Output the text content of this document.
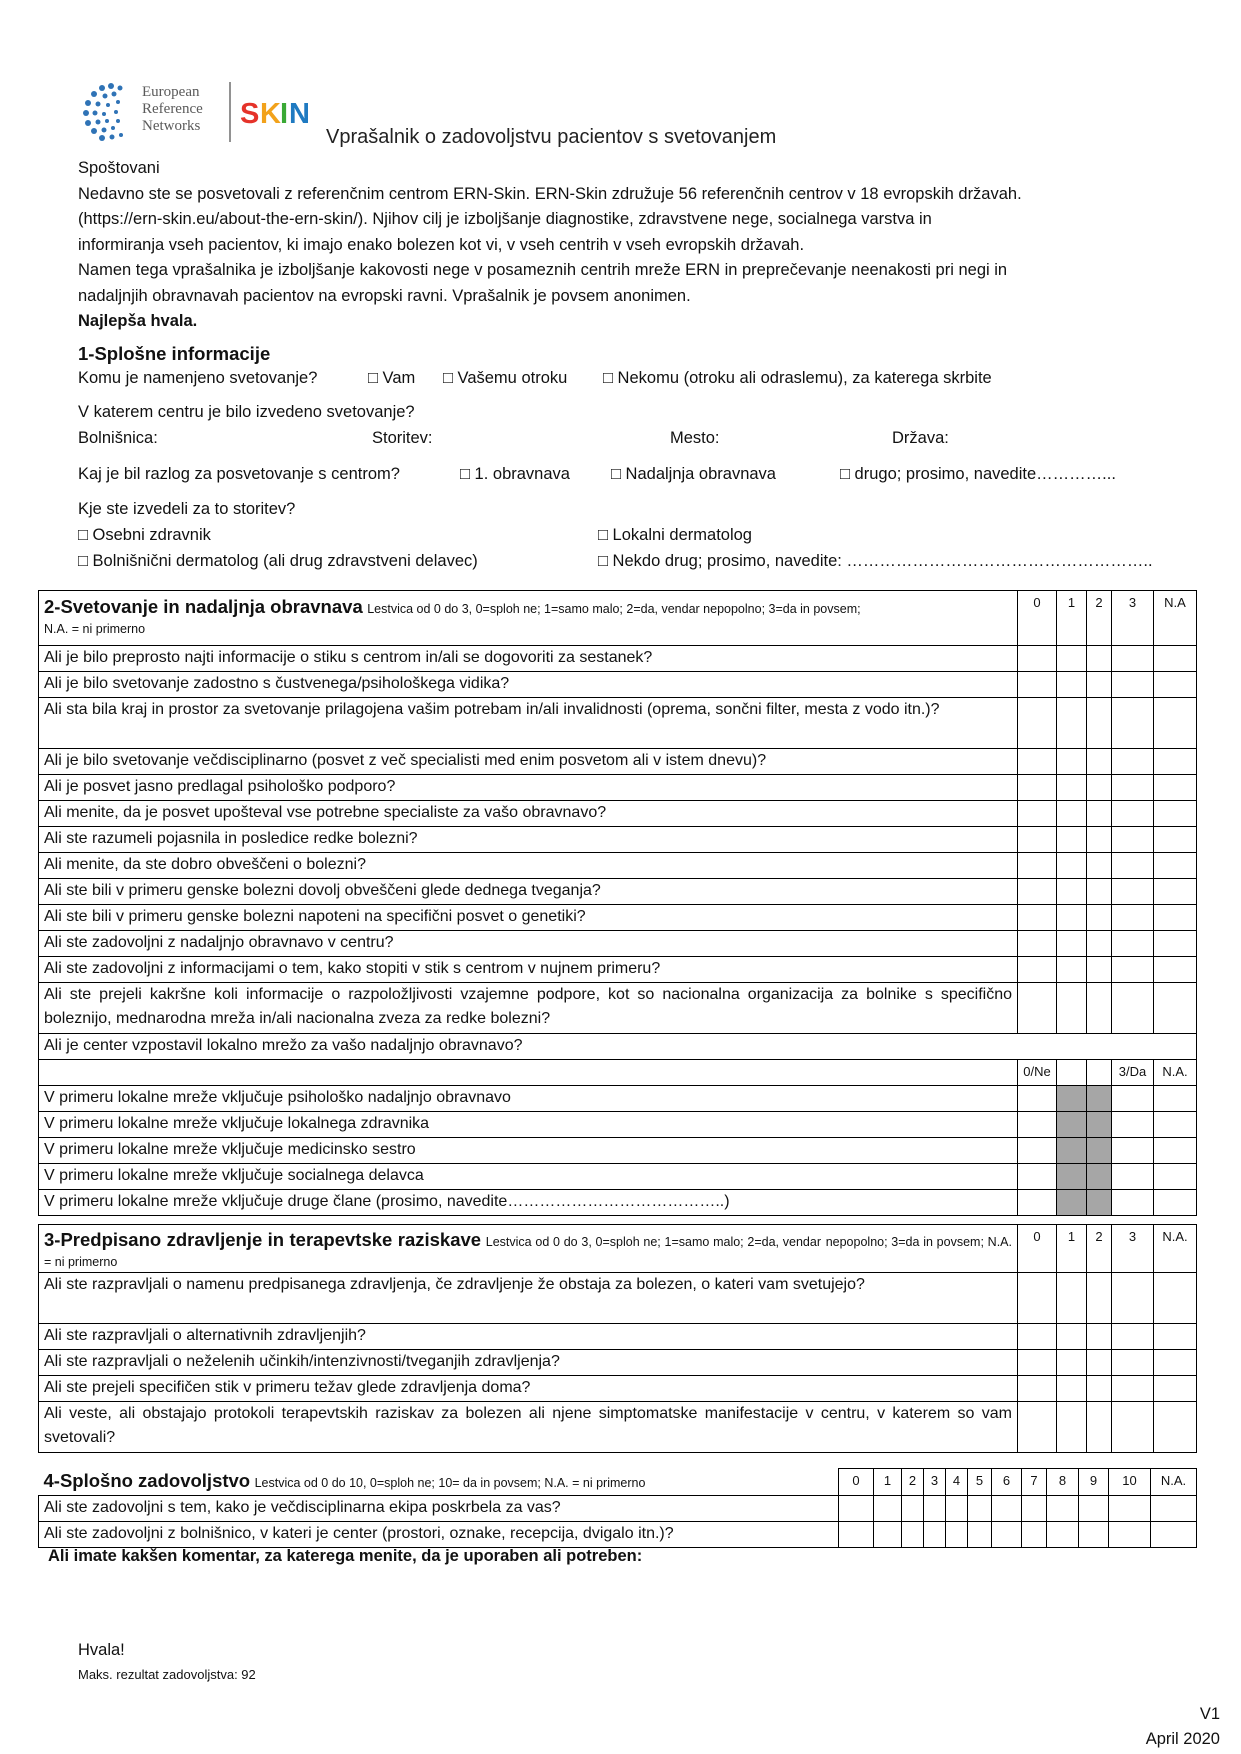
European
Reference
Networks S K I N
Vprašalnik o zadovoljstvu pacientov s svetovanjem
Spoštovani
Nedavno ste se posvetovali z referenčnim centrom ERN-Skin. ERN-Skin združuje 56 referenčnih centrov v 18 evropskih državah.
(https://ern-skin.eu/about-the-ern-skin/). Njihov cilj je izboljšanje diagnostike, zdravstvene nege, socialnega varstva in
informiranja vseh pacientov, ki imajo enako bolezen kot vi, v vseh centrih v vseh evropskih državah.
Namen tega vprašalnika je izboljšanje kakovosti nege v posameznih centrih mreže ERN in preprečevanje neenakosti pri negi in
nadaljnjih obravnavah pacientov na evropski ravni. Vprašalnik je povsem anonimen.
Najlepša hvala.
1-Splošne informacije
Komu je namenjeno svetovanje?	□ Vam □ Vašemu otroku □ Nekomu (otroku ali odraslemu), za katerega skrbite
V katerem centru je bilo izvedeno svetovanje?
Bolnišnica:	Storitev:	Mesto:	Država:
Kaj je bil razlog za posvetovanje s centrom?	□ 1. obravnava □ Nadaljnja obravnava	□ drugo; prosimo, navedite…………...
Kje ste izvedeli za to storitev?
□ Osebni zdravnik	□ Lokalni dermatolog
□ Bolnišnični dermatolog (ali drug zdravstveni delavec)	□ Nekdo drug; prosimo, navedite: ………………………………………………..
2-Svetovanje in nadaljnja obravnava Lestvica od 0 do 3, 0=sploh ne; 1=samo malo; 2=da, vendar nepopolno; 3=da in povsem;
N.A. = ni primerno	0	1	2	3	N.A
Ali je bilo preprosto najti informacije o stiku s centrom in/ali se dogovoriti za sestanek?					
Ali je bilo svetovanje zadostno s čustvenega/psihološkega vidika?					
Ali sta bila kraj in prostor za svetovanje prilagojena vašim potrebam in/ali invalidnosti (oprema, sončni filter, mesta z vodo itn.)?					
Ali je bilo svetovanje večdisciplinarno (posvet z več specialisti med enim posvetom ali v istem dnevu)?					
Ali je posvet jasno predlagal psihološko podporo?					
Ali menite, da je posvet upošteval vse potrebne specialiste za vašo obravnavo?					
Ali ste razumeli pojasnila in posledice redke bolezni?					
Ali menite, da ste dobro obveščeni o bolezni?					
Ali ste bili v primeru genske bolezni dovolj obveščeni glede dednega tveganja?					
Ali ste bili v primeru genske bolezni napoteni na specifični posvet o genetiki?					
Ali ste zadovoljni z nadaljnjo obravnavo v centru?					
Ali ste zadovoljni z informacijami o tem, kako stopiti v stik s centrom v nujnem primeru?					
Ali ste prejeli kakršne koli informacije o razpoložljivosti vzajemne podpore, kot so nacionalna organizacija za bolnike s specifično boleznijo, mednarodna mreža in/ali nacionalna zveza za redke bolezni?					
Ali je center vzpostavil lokalno mrežo za vašo nadaljnjo obravnavo?					
	0/Ne			3/Da	N.A.
V primeru lokalne mreže vključuje psihološko nadaljnjo obravnavo					
V primeru lokalne mreže vključuje lokalnega zdravnika					
V primeru lokalne mreže vključuje medicinsko sestro					
V primeru lokalne mreže vključuje socialnega delavca					
V primeru lokalne mreže vključuje druge člane (prosimo, navedite…………………………………..)					
3-Predpisano zdravljenje in terapevtske raziskave Lestvica od 0 do 3, 0=sploh ne; 1=samo malo; 2=da, vendar nepopolno; 3=da in povsem; N.A. = ni primerno	0	1	2	3	N.A.
Ali ste razpravljali o namenu predpisanega zdravljenja, če zdravljenje že obstaja za bolezen, o kateri vam svetujejo?					
Ali ste razpravljali o alternativnih zdravljenjih?					
Ali ste razpravljali o neželenih učinkih/intenzivnosti/tveganjih zdravljenja?					
Ali ste prejeli specifičen stik v primeru težav glede zdravljenja doma?					
Ali veste, ali obstajajo protokoli terapevtskih raziskav za bolezen ali njene simptomatske manifestacije v centru, v katerem so vam svetovali?					
4-Splošno zadovoljstvo Lestvica od 0 do 10, 0=sploh ne; 10= da in povsem; N.A. = ni primerno	0	1	2	3	4	5	6	7	8	9	10	N.A.
Ali ste zadovoljni s tem, kako je večdisciplinarna ekipa poskrbela za vas?												
Ali ste zadovoljni z bolnišnico, v kateri je center (prostori, oznake, recepcija, dvigalo itn.)?												
Ali imate kakšen komentar, za katerega menite, da je uporaben ali potreben:
Hvala!
Maks. rezultat zadovoljstva: 92
V1
April 2020
